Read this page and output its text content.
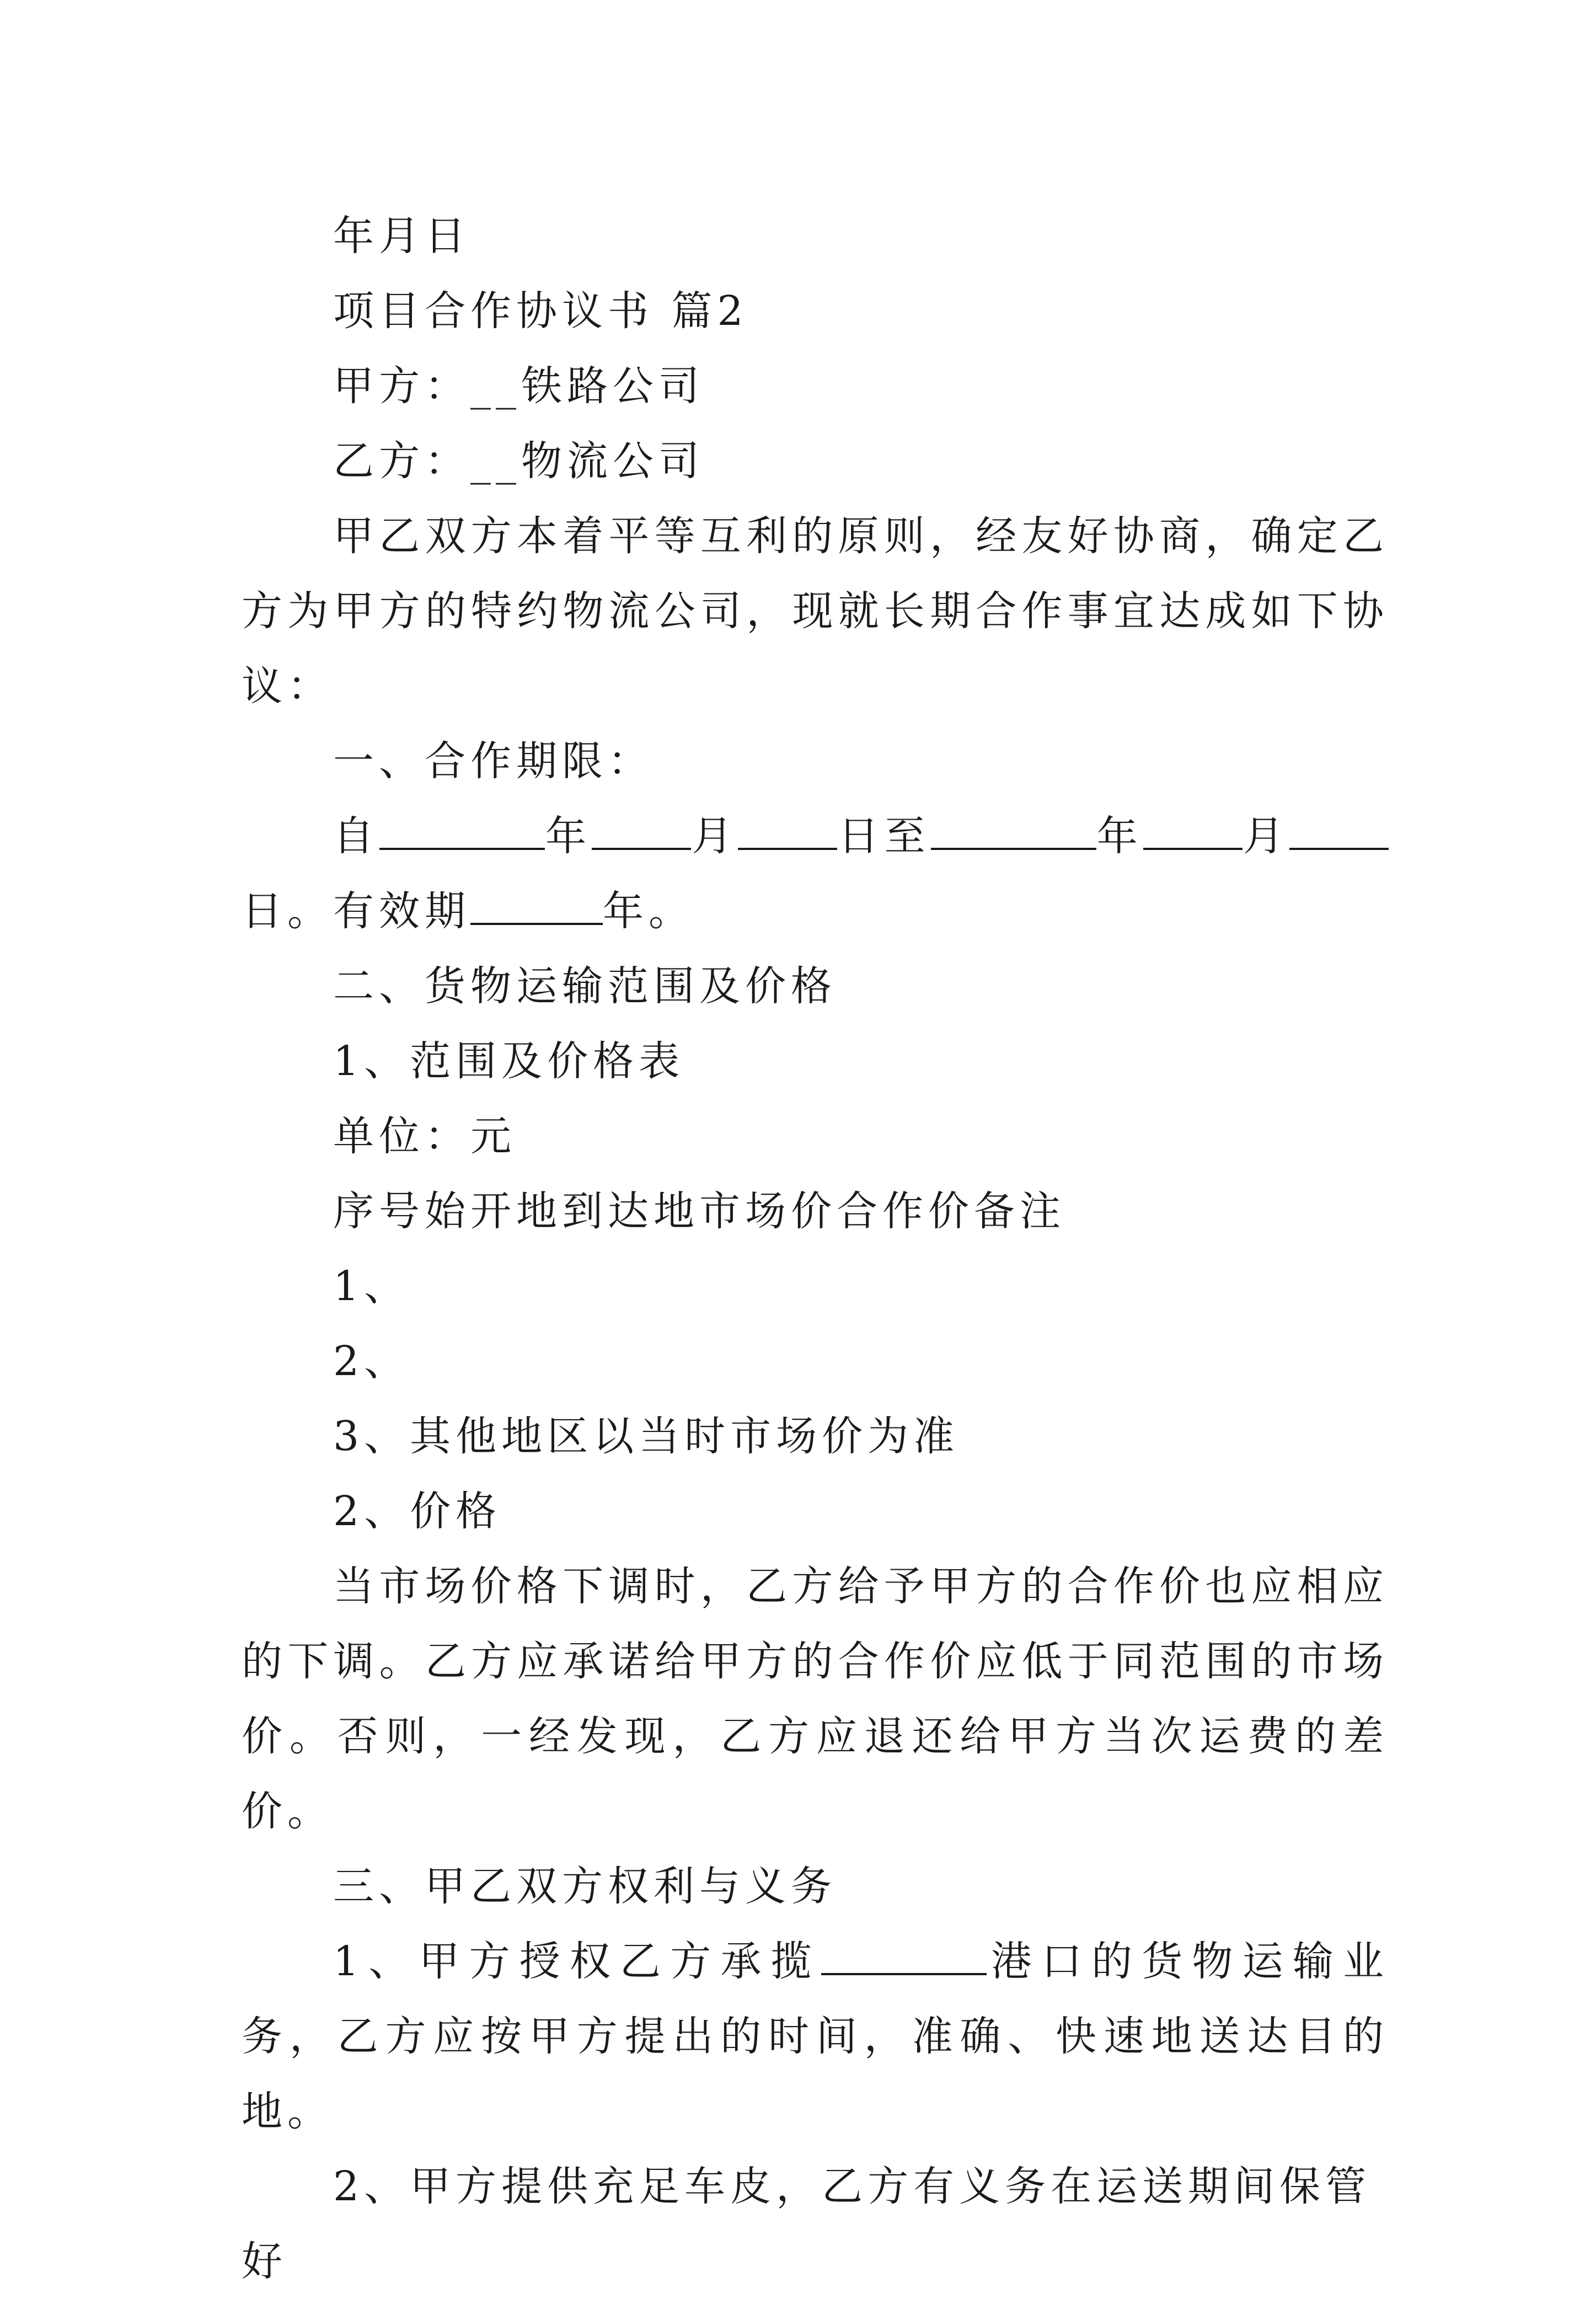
年月日

项目合作协议书 篇2

甲方：__铁路公司

乙方：__物流公司

甲乙双方本着平等互利的原则，经友好协商，确定乙方为甲方的特约物流公司，现就长期合作事宜达成如下协议：

一、合作期限：

自	年 月 日至	年 月日。有效期	年。

二、货物运输范围及价格

1、范围及价格表

单位：元

序号始开地到达地市场价合作价备注

1、

2、

3、其他地区以当时市场价为准

2、价格

当市场价格下调时，乙方给予甲方的合作价也应相应的下调。乙方应承诺给甲方的合作价应低于同范围的市场价。否则，一经发现，乙方应退还给甲方当次运费的差价。

三、甲乙双方权利与义务

1、甲方授权乙方承揽	港口的货物运输业务，乙方应按甲方提出的时间，准确、快速地送达目的地。

2、甲方提供充足车皮，乙方有义务在运送期间保管好
